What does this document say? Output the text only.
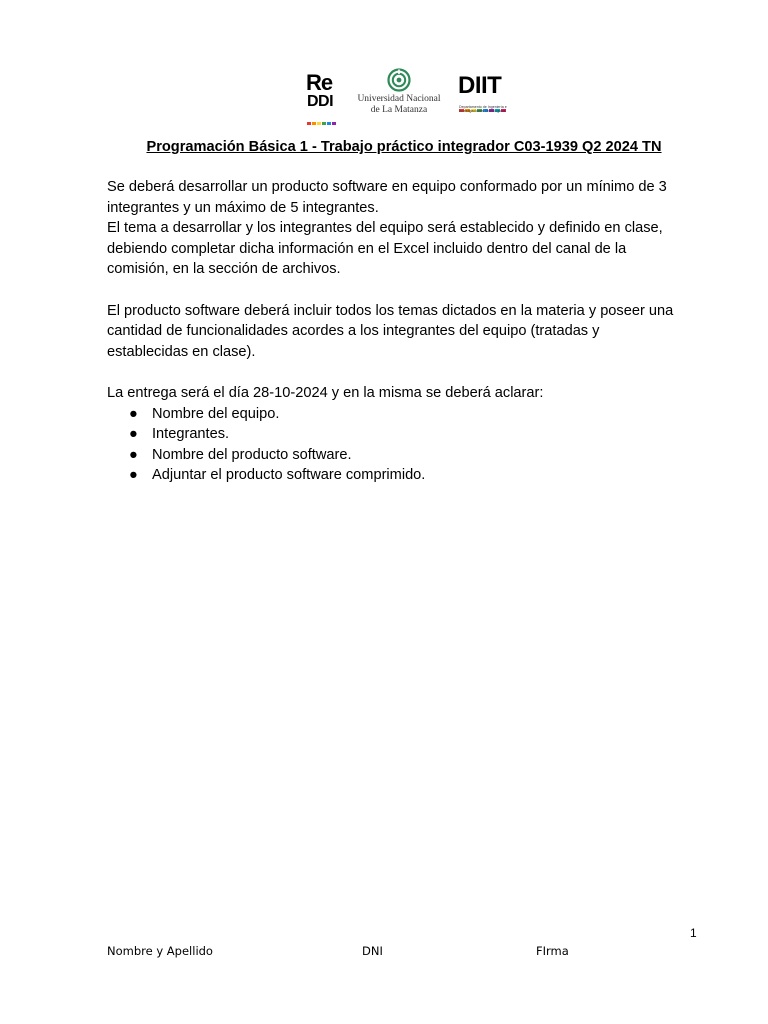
Re
DDI	Universidad Nacional
de La Matanza
DIIT
Departamento de Ingeniería e
Investigaciones Tecnológicas
Programación Básica 1 - Trabajo práctico integrador C03-1939 Q2 2024 TN

Se deberá desarrollar un producto software en equipo conformado por un mínimo de 3

integrantes y un máximo de 5 integrantes.

El tema a desarrollar y los integrantes del equipo será establecido y definido en clase,

debiendo completar dicha información en el Excel incluido dentro del canal de la

comisión, en la sección de archivos.

El producto software deberá incluir todos los temas dictados en la materia y poseer una

cantidad de funcionalidades acordes a los integrantes del equipo (tratadas y

establecidas en clase).

La entrega será el día 28-10-2024 y en la misma se deberá aclarar:

● Nombre del equipo.
● Integrantes.
● Nombre del producto software.
● Adjuntar el producto software comprimido.
1
Nombre y Apellido	DNI	FIrma
